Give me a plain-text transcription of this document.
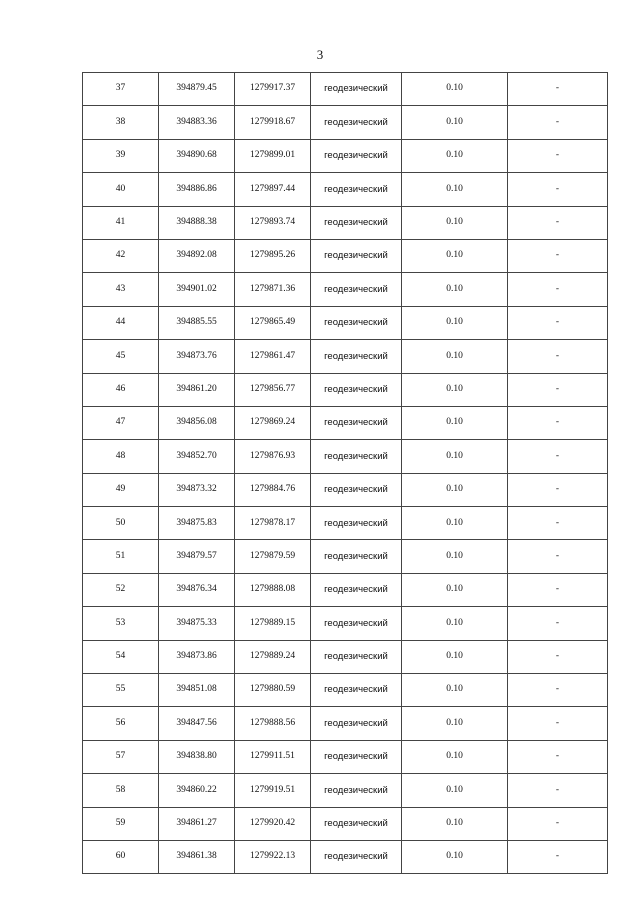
3
37	394879.45	1279917.37	геодезический	0.10	-
38	394883.36	1279918.67	геодезический	0.10	-
39	394890.68	1279899.01	геодезический	0.10	-
40	394886.86	1279897.44	геодезический	0.10	-
41	394888.38	1279893.74	геодезический	0.10	-
42	394892.08	1279895.26	геодезический	0.10	-
43	394901.02	1279871.36	геодезический	0.10	-
44	394885.55	1279865.49	геодезический	0.10	-
45	394873.76	1279861.47	геодезический	0.10	-
46	394861.20	1279856.77	геодезический	0.10	-
47	394856.08	1279869.24	геодезический	0.10	-
48	394852.70	1279876.93	геодезический	0.10	-
49	394873.32	1279884.76	геодезический	0.10	-
50	394875.83	1279878.17	геодезический	0.10	-
51	394879.57	1279879.59	геодезический	0.10	-
52	394876.34	1279888.08	геодезический	0.10	-
53	394875.33	1279889.15	геодезический	0.10	-
54	394873.86	1279889.24	геодезический	0.10	-
55	394851.08	1279880.59	геодезический	0.10	-
56	394847.56	1279888.56	геодезический	0.10	-
57	394838.80	1279911.51	геодезический	0.10	-
58	394860.22	1279919.51	геодезический	0.10	-
59	394861.27	1279920.42	геодезический	0.10	-
60	394861.38	1279922.13	геодезический	0.10	-
